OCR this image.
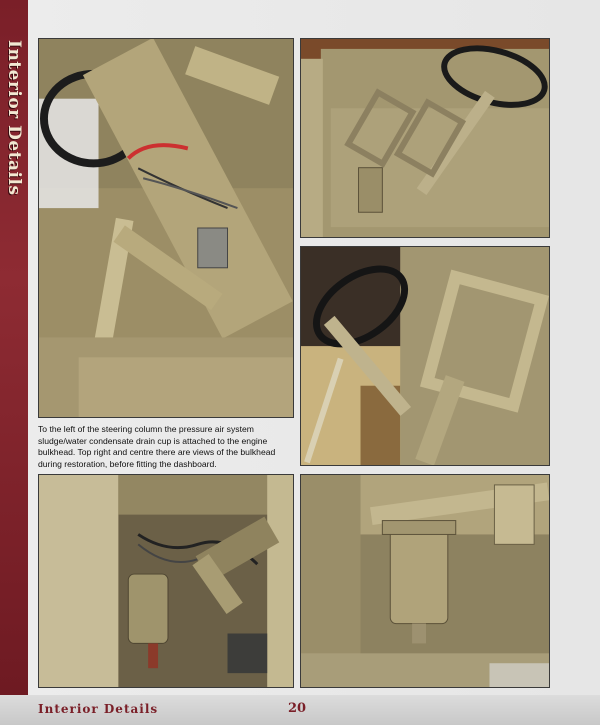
Interior Details
To the left of the steering column the pressure air system sludge/water condensate drain cup is attached to the engine bulkhead. Top right and centre there are views of the bulkhead during restoration, before fitting the dashboard.
Interior Details	20
